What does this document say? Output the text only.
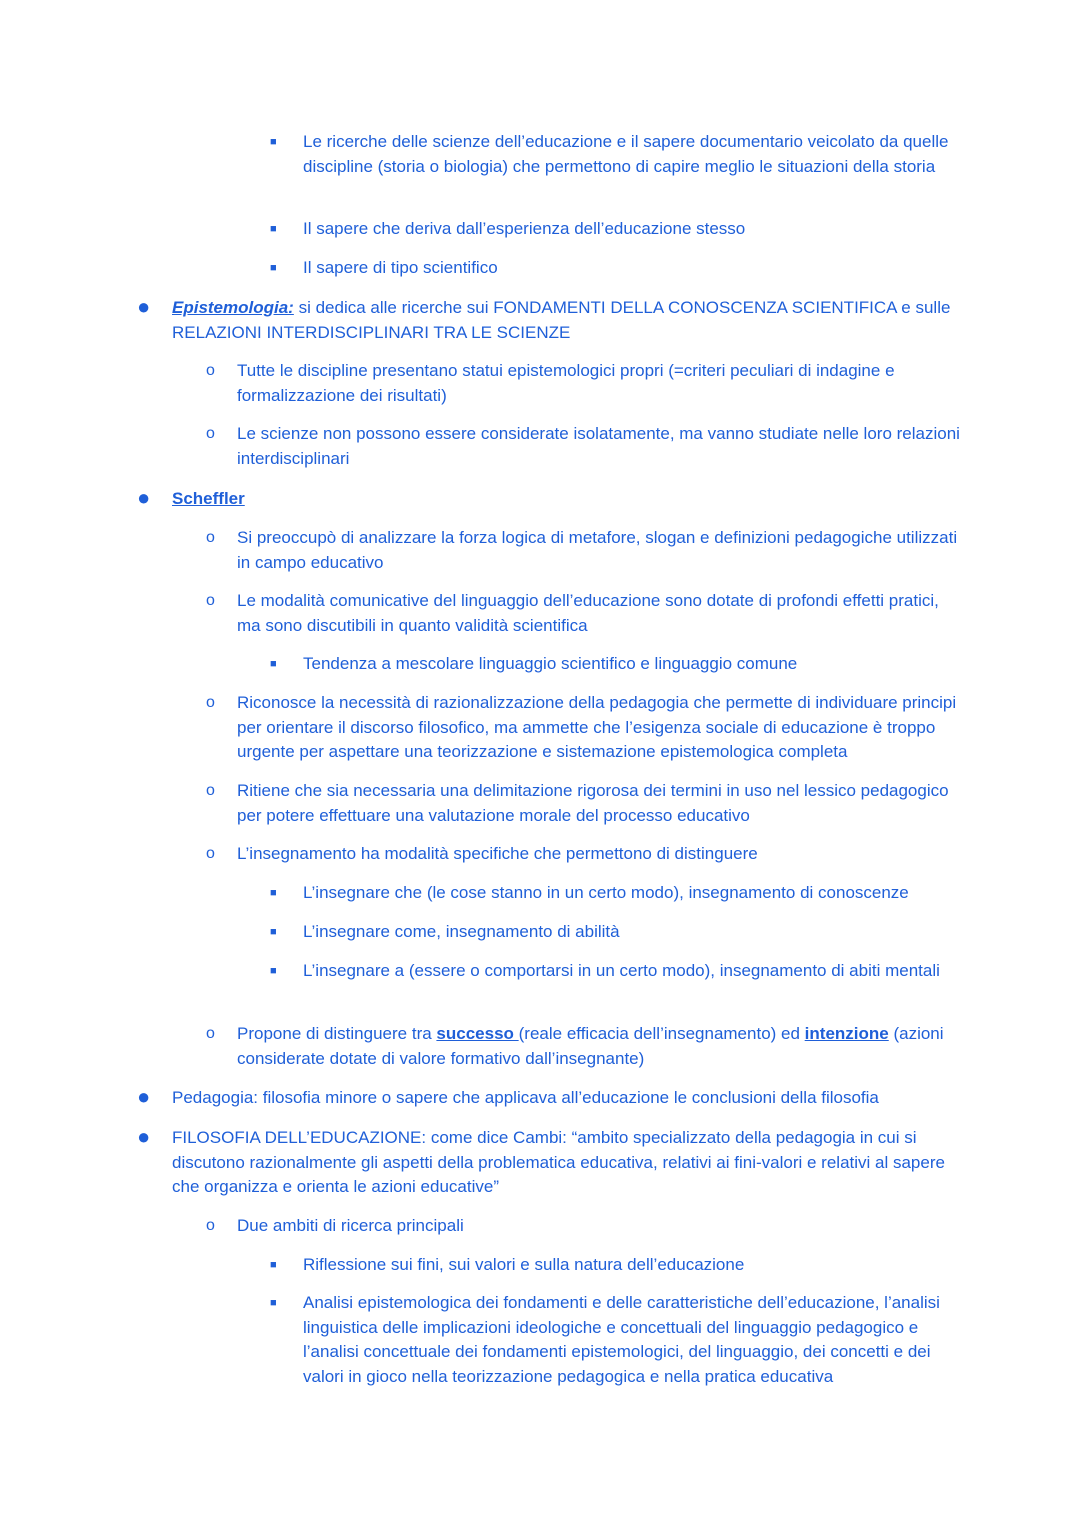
■ Le ricerche delle scienze dell’educazione e il sapere documentario veicolato da quelle discipline (storia o biologia) che permettono di capire meglio le situazioni della storia
■ Il sapere che deriva dall’esperienza dell’educazione stesso
■ Il sapere di tipo scientifico
● Epistemologia: si dedica alle ricerche sui FONDAMENTI DELLA CONOSCENZA SCIENTIFICA e sulle RELAZIONI INTERDISCIPLINARI TRA LE SCIENZE
o Tutte le discipline presentano statui epistemologici propri (=criteri peculiari di indagine e formalizzazione dei risultati)
o Le scienze non possono essere considerate isolatamente, ma vanno studiate nelle loro relazioni interdisciplinari
● Scheffler
o Si preoccupò di analizzare la forza logica di metafore, slogan e definizioni pedagogiche utilizzati in campo educativo
o Le modalità comunicative del linguaggio dell’educazione sono dotate di profondi effetti pratici, ma sono discutibili in quanto validità scientifica
■ Tendenza a mescolare linguaggio scientifico e linguaggio comune
o Riconosce la necessità di razionalizzazione della pedagogia che permette di individuare principi per orientare il discorso filosofico, ma ammette che l’esigenza sociale di educazione è troppo urgente per aspettare una teorizzazione e sistemazione epistemologica completa
o Ritiene che sia necessaria una delimitazione rigorosa dei termini in uso nel lessico pedagogico per potere effettuare una valutazione morale del processo educativo
o L’insegnamento ha modalità specifiche che permettono di distinguere
■ L’insegnare che (le cose stanno in un certo modo), insegnamento di conoscenze
■ L’insegnare come, insegnamento di abilità
■ L’insegnare a (essere o comportarsi in un certo modo), insegnamento di abiti mentali
o Propone di distinguere tra successo (reale efficacia dell’insegnamento) ed intenzione (azioni considerate dotate di valore formativo dall’insegnante)
● Pedagogia: filosofia minore o sapere che applicava all’educazione le conclusioni della filosofia
● FILOSOFIA DELL’EDUCAZIONE: come dice Cambi: “ambito specializzato della pedagogia in cui si discutono razionalmente gli aspetti della problematica educativa, relativi ai fini-valori e relativi al sapere che organizza e orienta le azioni educative”
o Due ambiti di ricerca principali
■ Riflessione sui fini, sui valori e sulla natura dell’educazione
■ Analisi epistemologica dei fondamenti e delle caratteristiche dell’educazione, l’analisi linguistica delle implicazioni ideologiche e concettuali del linguaggio pedagogico e l’analisi concettuale dei fondamenti epistemologici, del linguaggio, dei concetti e dei valori in gioco nella teorizzazione pedagogica e nella pratica educativa
